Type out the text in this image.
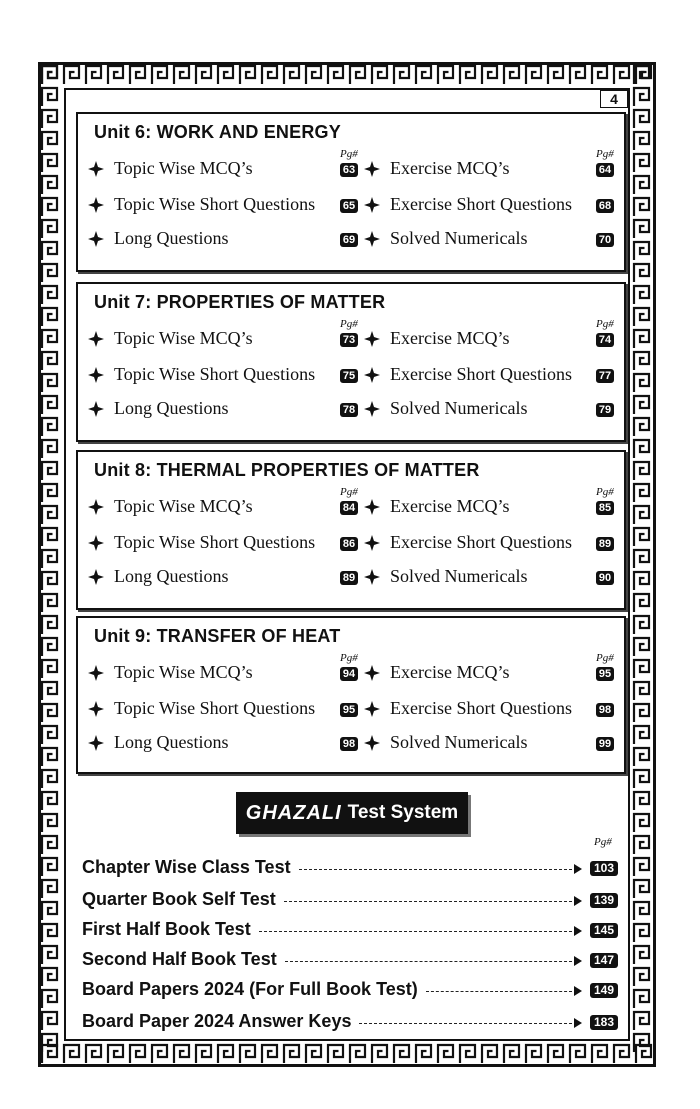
4
Unit 6: WORK AND ENERGY
Pg#	Pg#
Topic Wise MCQ’s	63
Topic Wise Short Questions	65
Long Questions	69
Exercise MCQ’s	64
Exercise Short Questions 68
Solved Numericals	70
Unit 7: PROPERTIES OF MATTER
Pg#	Pg#
Topic Wise MCQ’s	73
Topic Wise Short Questions	75
Long Questions	78
Exercise MCQ’s	74
Exercise Short Questions 77
Solved Numericals	79
Unit 8: THERMAL PROPERTIES OF MATTER
Pg#	Pg#
Topic Wise MCQ’s	84
Topic Wise Short Questions	86
Long Questions	89
Exercise MCQ’s	85
Exercise Short Questions 89
Solved Numericals	90
Unit 9: TRANSFER OF HEAT
Pg#	Pg#
Topic Wise MCQ’s	94
Topic Wise Short Questions	95
Long Questions	98
Exercise MCQ’s	95
Exercise Short Questions 98
Solved Numericals	99
GHAZALI Test System
Pg#
Chapter Wise Class Test	103
Quarter Book Self Test	139
First Half Book Test	145
Second Half Book Test	147
Board Papers 2024 (For Full Book Test)	149
Board Paper 2024 Answer Keys	183
